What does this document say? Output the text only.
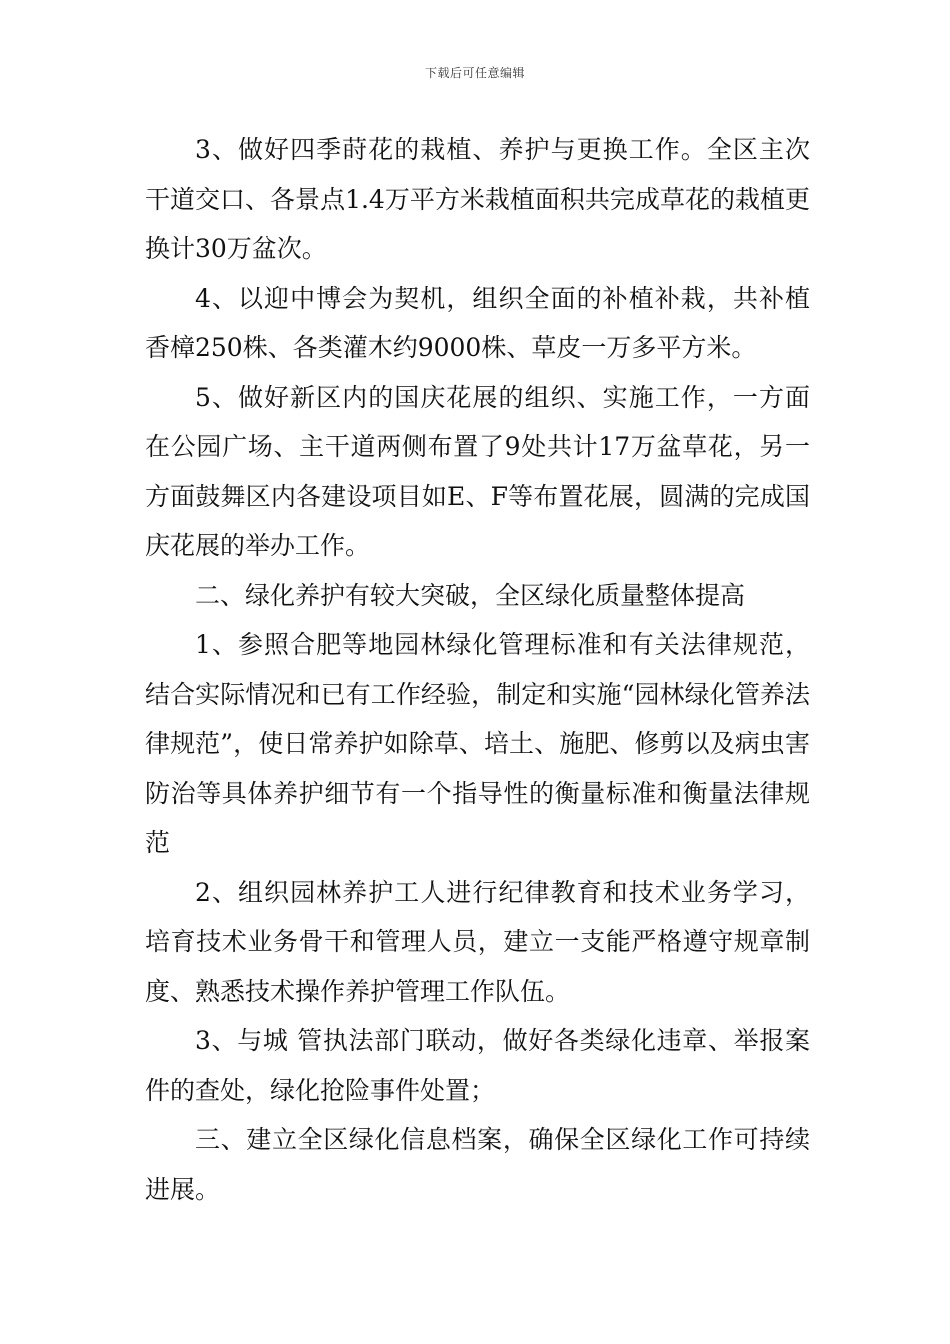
下载后可任意编辑

3、做好四季莳花的栽植、养护与更换工作。全区主次干道交口、各景点1.4万平方米栽植面积共完成草花的栽植更换计30万盆次。

4、以迎中博会为契机，组织全面的补植补栽，共补植香樟250株、各类灌木约9000株、草皮一万多平方米。

5、做好新区内的国庆花展的组织、实施工作，一方面在公园广场、主干道两侧布置了9处共计17万盆草花，另一方面鼓舞区内各建设项目如E、F等布置花展，圆满的完成国庆花展的举办工作。

二、绿化养护有较大突破，全区绿化质量整体提高

1、参照合肥等地园林绿化管理标准和有关法律规范，结合实际情况和已有工作经验，制定和实施“园林绿化管养法律规范”，使日常养护如除草、培土、施肥、修剪以及病虫害防治等具体养护细节有一个指导性的衡量标准和衡量法律规范

2、组织园林养护工人进行纪律教育和技术业务学习，培育技术业务骨干和管理人员，建立一支能严格遵守规章制度、熟悉技术操作养护管理工作队伍。

3、与城 管执法部门联动，做好各类绿化违章、举报案件的查处，绿化抢险事件处置；

三、建立全区绿化信息档案，确保全区绿化工作可持续进展。
